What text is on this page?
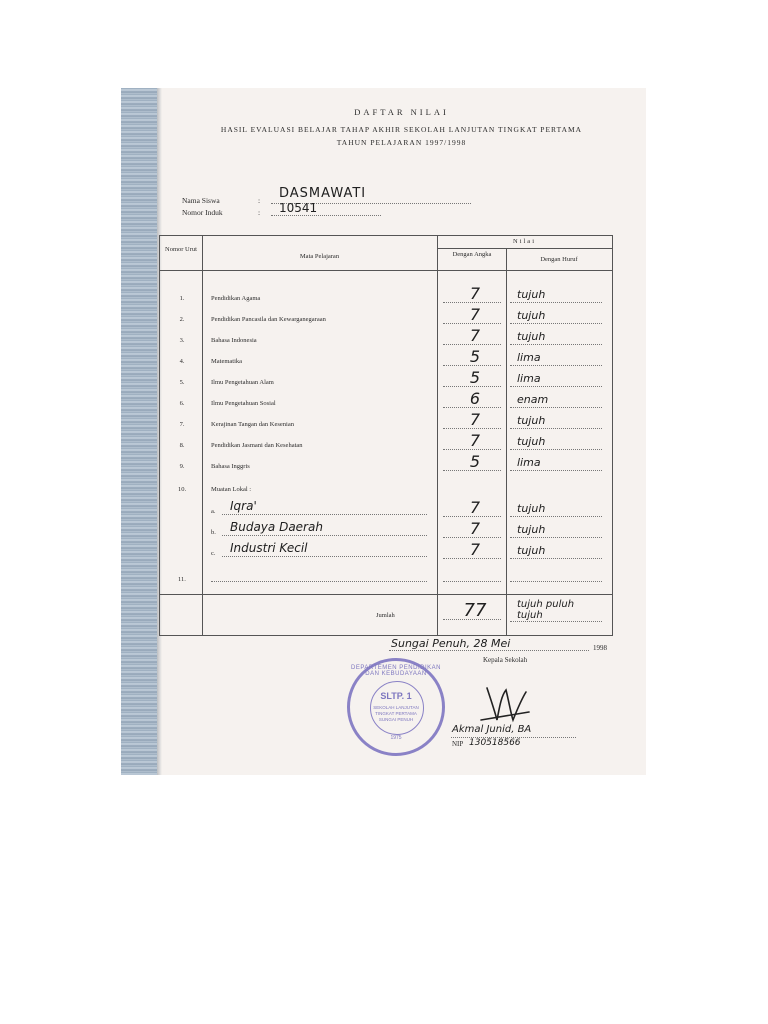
DAFTAR NILAI
HASIL EVALUASI BELAJAR TAHAP AKHIR SEKOLAH LANJUTAN TINGKAT PERTAMA
TAHUN PELAJARAN 1997/1998
Nama Siswa	: DASMAWATI
Nomor Induk	: 10541
Nomor Urut
Mata Pelajaran
Nilai
Dengan Angka
Dengan Huruf
1.	Pendidikan Agama	7	tujuh
2.	Pendidikan Pancasila dan Kewarganegaraan	7	tujuh
3.	Bahasa Indonesia	7	tujuh
4.	Matematika	5	lima
5.	Ilmu Pengetahuan Alam	5	lima
6.	Ilmu Pengetahuan Sosial	6	enam
7.	Kerajinan Tangan dan Kesenian	7	tujuh
8.	Pendidikan Jasmani dan Kesehatan	7	tujuh
9.	Bahasa Inggris	5	lima
10.	Muatan Lokal :
a. Iqra'	7	tujuh
b. Budaya Daerah	7	tujuh
c. Industri Kecil	7	tujuh
11.
Jumlah	77	tujuh puluh
tujuh
Sungai Penuh, 28 Mei	1998
Kepala Sekolah
DEPARTEMEN PENDIDIKAN DAN KEBUDAYAAN
SLTP. 1
SEKOLAH LANJUTAN
TINGKAT PERTAMA
SUNGAI PENUH
1975
Akmal Junid, BA
NIP 130518566
